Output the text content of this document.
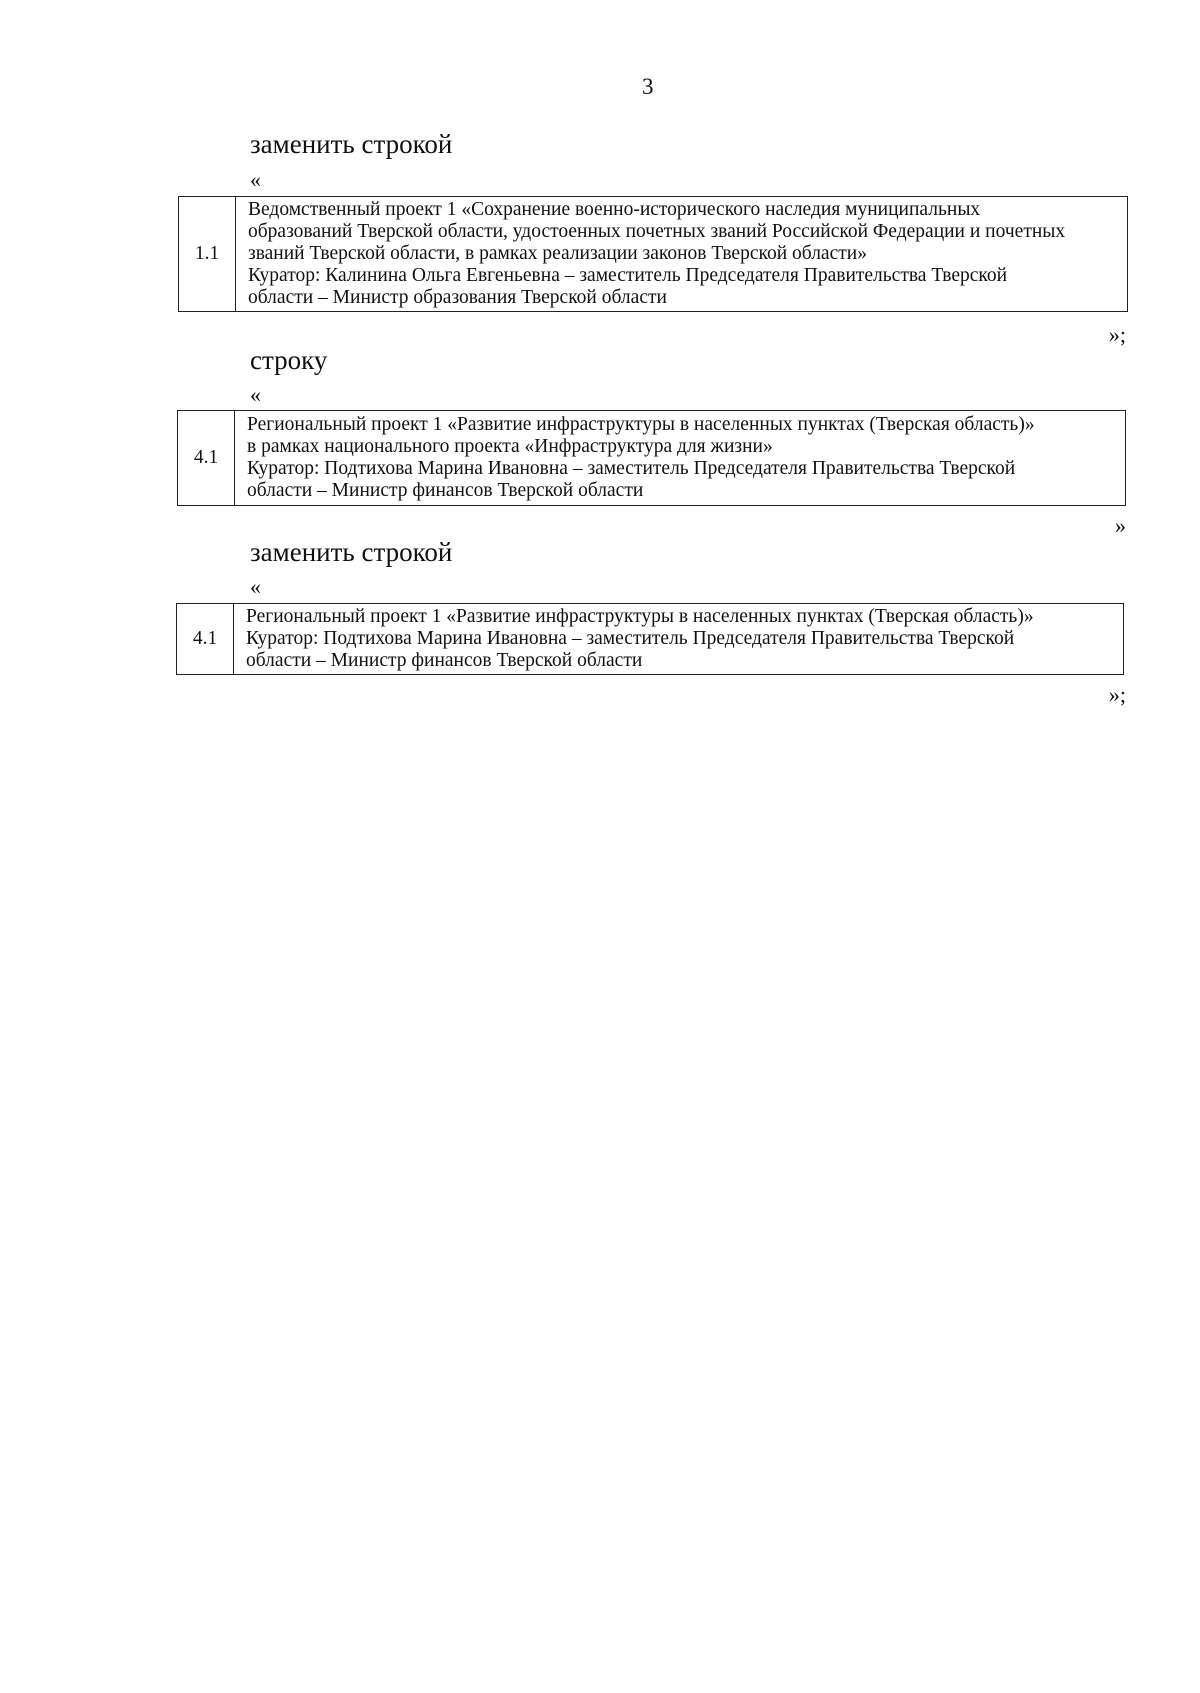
3
заменить строкой
«
1.1	
Ведомственный проект 1 «Сохранение военно-исторического наследия муниципальных
образований Тверской области, удостоенных почетных званий Российской Федерации и почетных
званий Тверской области, в рамках реализации законов Тверской области»
Куратор: Калинина Ольга Евгеньевна – заместитель Председателя Правительства Тверской
области – Министр образования Тверской области
»;
строку
«
4.1	
Региональный проект 1 «Развитие инфраструктуры в населенных пунктах (Тверская область)»
в рамках национального проекта «Инфраструктура для жизни»
Куратор: Подтихова Марина Ивановна – заместитель Председателя Правительства Тверской
области – Министр финансов Тверской области
»
заменить строкой
«
4.1	
Региональный проект 1 «Развитие инфраструктуры в населенных пунктах (Тверская область)»
Куратор: Подтихова Марина Ивановна – заместитель Председателя Правительства Тверской
области – Министр финансов Тверской области
»;
